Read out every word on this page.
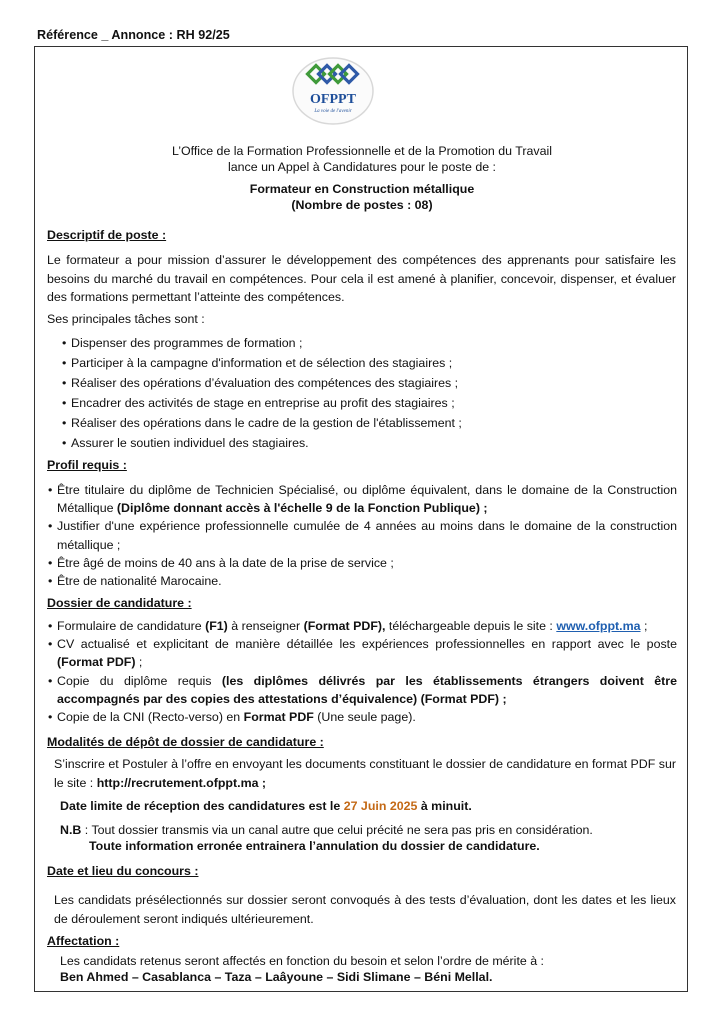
Référence _ Annonce : RH 92/25
OFPPT
La voie de l'avenir
L’Office de la Formation Professionnelle et de la Promotion du Travail
lance un Appel à Candidatures pour le poste de :
Formateur en Construction métallique
(Nombre de postes : 08)
Descriptif de poste :
Le formateur a pour mission d’assurer le développement des compétences des apprenants pour satisfaire les besoins du marché du travail en compétences. Pour cela il est amené à planifier, concevoir, dispenser, et évaluer des formations permettant l’atteinte des compétences.
Ses principales tâches sont :
• Dispenser des programmes de formation ;
• Participer à la campagne d'information et de sélection des stagiaires ;
• Réaliser des opérations d’évaluation des compétences des stagiaires ;
• Encadrer des activités de stage en entreprise au profit des stagiaires ;
• Réaliser des opérations dans le cadre de la gestion de l'établissement ;
• Assurer le soutien individuel des stagiaires.
Profil requis :
• Être titulaire du diplôme de Technicien Spécialisé, ou diplôme équivalent, dans le domaine de la Construction Métallique (Diplôme donnant accès à l'échelle 9 de la Fonction Publique) ;
• Justifier d'une expérience professionnelle cumulée de 4 années au moins dans le domaine de la construction métallique ;
• Être âgé de moins de 40 ans à la date de la prise de service ;
• Être de nationalité Marocaine.
Dossier de candidature :
• Formulaire de candidature (F1) à renseigner (Format PDF), téléchargeable depuis le site : www.ofppt.ma ;
• CV actualisé et explicitant de manière détaillée les expériences professionnelles en rapport avec le poste (Format PDF) ;
• Copie du diplôme requis (les diplômes délivrés par les établissements étrangers doivent être accompagnés par des copies des attestations d’équivalence) (Format PDF) ;
• Copie de la CNI (Recto-verso) en Format PDF (Une seule page).
Modalités de dépôt de dossier de candidature :
S’inscrire et Postuler à l’offre en envoyant les documents constituant le dossier de candidature en format PDF sur le site : http://recrutement.ofppt.ma ;
Date limite de réception des candidatures est le 27 Juin 2025 à minuit.
N.B : Tout dossier transmis via un canal autre que celui précité ne sera pas pris en considération.
Toute information erronée entrainera l’annulation du dossier de candidature.
Date et lieu du concours :
Les candidats présélectionnés sur dossier seront convoqués à des tests d’évaluation, dont les dates et les lieux de déroulement seront indiqués ultérieurement.
Affectation :
Les candidats retenus seront affectés en fonction du besoin et selon l’ordre de mérite à :
Ben Ahmed – Casablanca – Taza – Laâyoune – Sidi Slimane – Béni Mellal.
